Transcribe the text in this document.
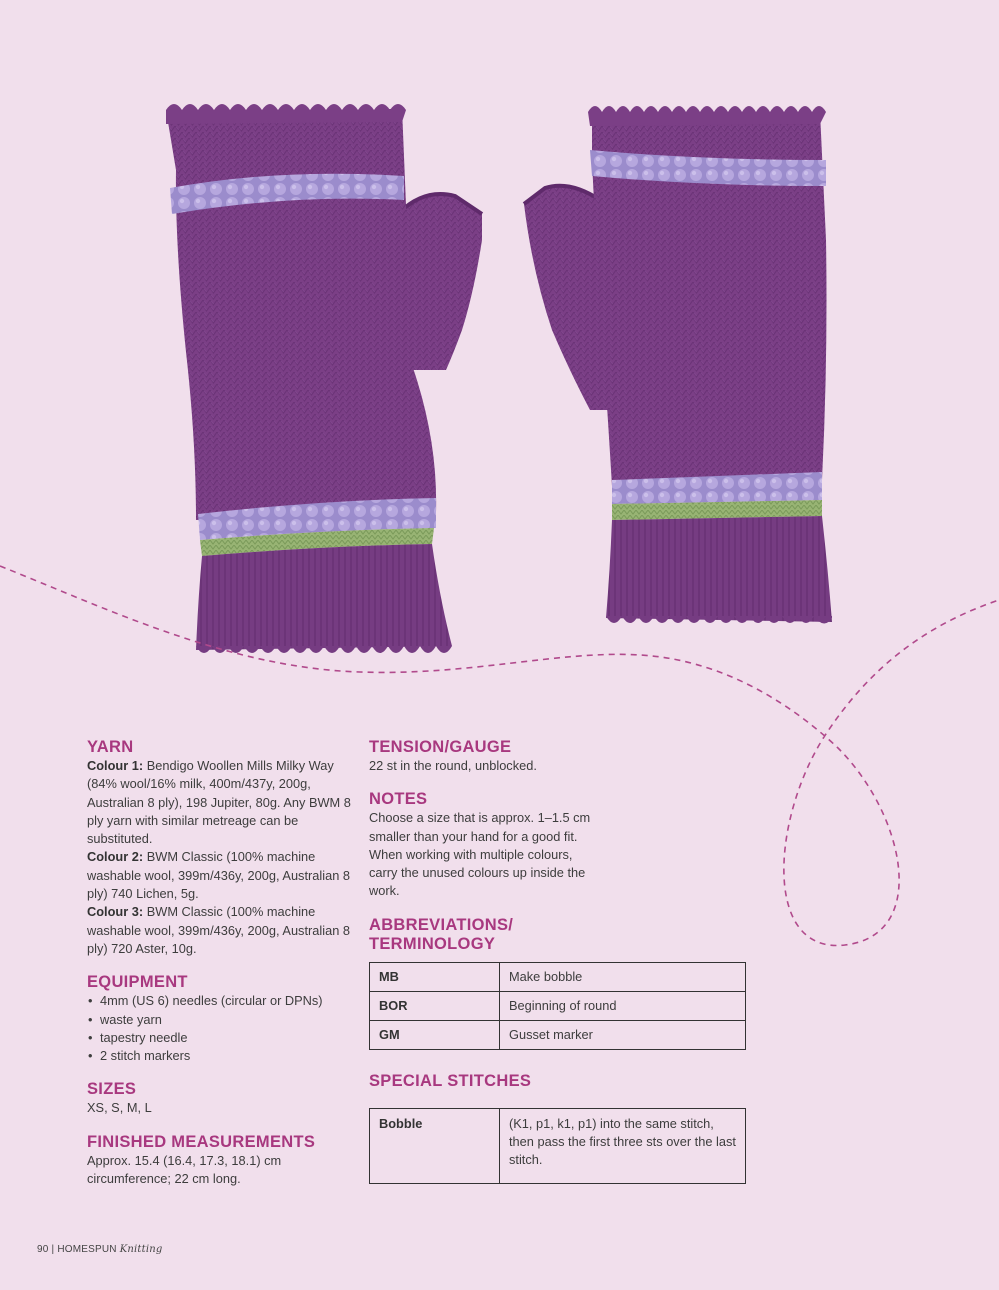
YARN

Colour 1: Bendigo Woollen Mills Milky Way (84% wool/16% milk, 400m/437y, 200g, Australian 8 ply), 198 Jupiter, 80g. Any BWM 8 ply yarn with similar metreage can be substituted.

Colour 2: BWM Classic (100% machine washable wool, 399m/436y, 200g, Australian 8 ply) 740 Lichen, 5g.

Colour 3: BWM Classic (100% machine washable wool, 399m/436y, 200g, Australian 8 ply) 720 Aster, 10g.

EQUIPMENT
• 4mm (US 6) needles (circular or DPNs)
• waste yarn
• tapestry needle
• 2 stitch markers
SIZES

XS, S, M, L

FINISHED MEASUREMENTS

Approx. 15.4 (16.4, 17.3, 18.1) cm circumference; 22 cm long.

TENSION/GAUGE

22 st in the round, unblocked.

NOTES

Choose a size that is approx. 1–1.5 cm smaller than your hand for a good fit. When working with multiple colours, carry the unused colours up inside the work.

ABBREVIATIONS/
TERMINOLOGY
MB	Make bobble
BOR	Beginning of round
GM	Gusset marker
SPECIAL STITCHES
Bobble	(K1, p1, k1, p1) into the same stitch, then pass the first three sts over the last stitch.
90 | HOMESPUN Knitting
